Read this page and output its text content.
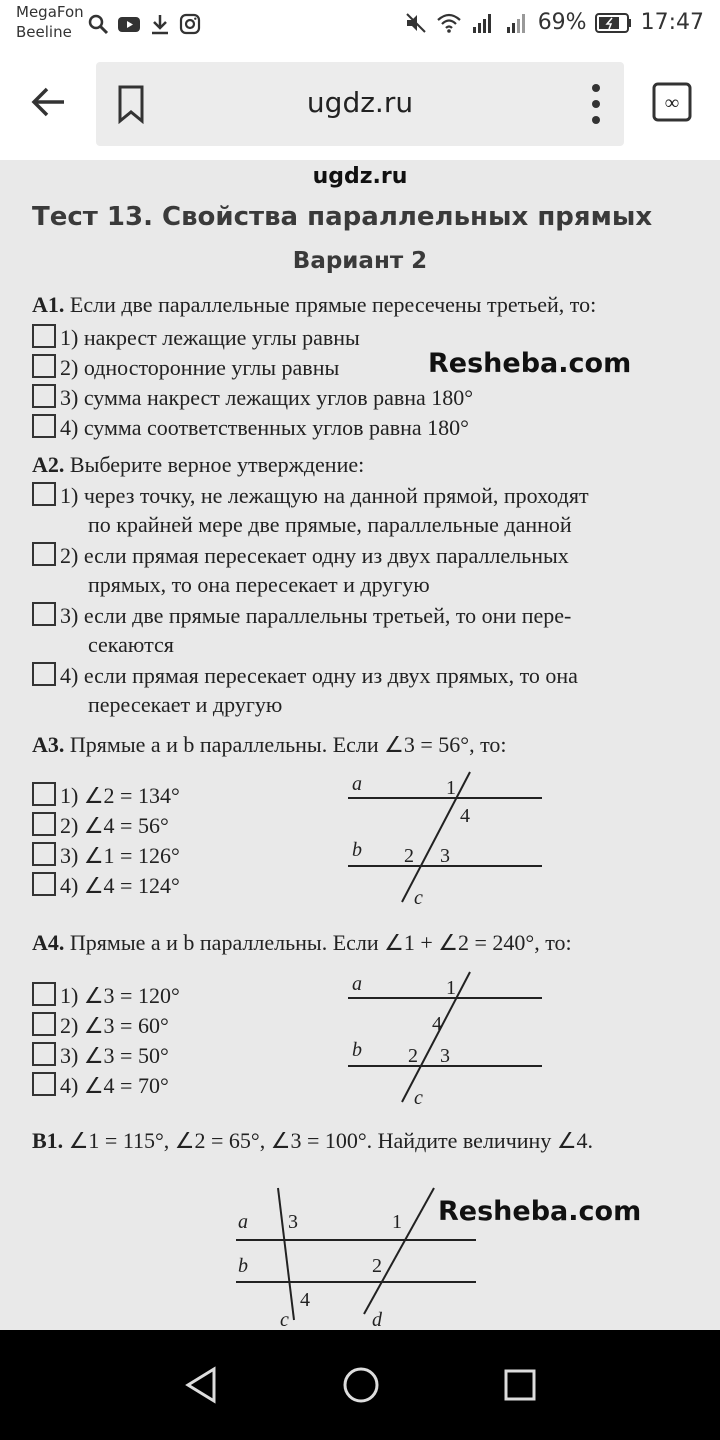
MegaFon
Beeline	69% 17:47
ugdz.ru	∞
ugdz.ru
Тест 13. Свойства параллельных прямых
Вариант 2
A1. Если две параллельные прямые пересечены третьей, то:
1) накрест лежащие углы равны
2) односторонние углы равны
3) сумма накрест лежащих углов равна 180°
4) сумма соответственных углов равна 180°
A2. Выберите верное утверждение:
1) через точку, не лежащую на данной прямой, проходят
по крайней мере две прямые, параллельные данной
2) если прямая пересекает одну из двух параллельных
прямых, то она пересекает и другую
3) если две прямые параллельны третьей, то они пере-
секаются
4) если прямая пересекает одну из двух прямых, то она
пересекает и другую
A3. Прямые a и b параллельны. Если ∠3 = 56°, то:
1) ∠2 = 134°
2) ∠4 = 56°
3) ∠1 = 126°
4) ∠4 = 124°
A4. Прямые a и b параллельны. Если ∠1 + ∠2 = 240°, то:
1) ∠3 = 120°
2) ∠3 = 60°
3) ∠3 = 50°
4) ∠4 = 70°
B1. ∠1 = 115°, ∠2 = 65°, ∠3 = 100°. Найдите величину ∠4.
Resheba.com
Resheba.com
a
b
c
1
4
2 3
a
b
c
1
4
2 3
a
b
c	d
3	1
2
4
